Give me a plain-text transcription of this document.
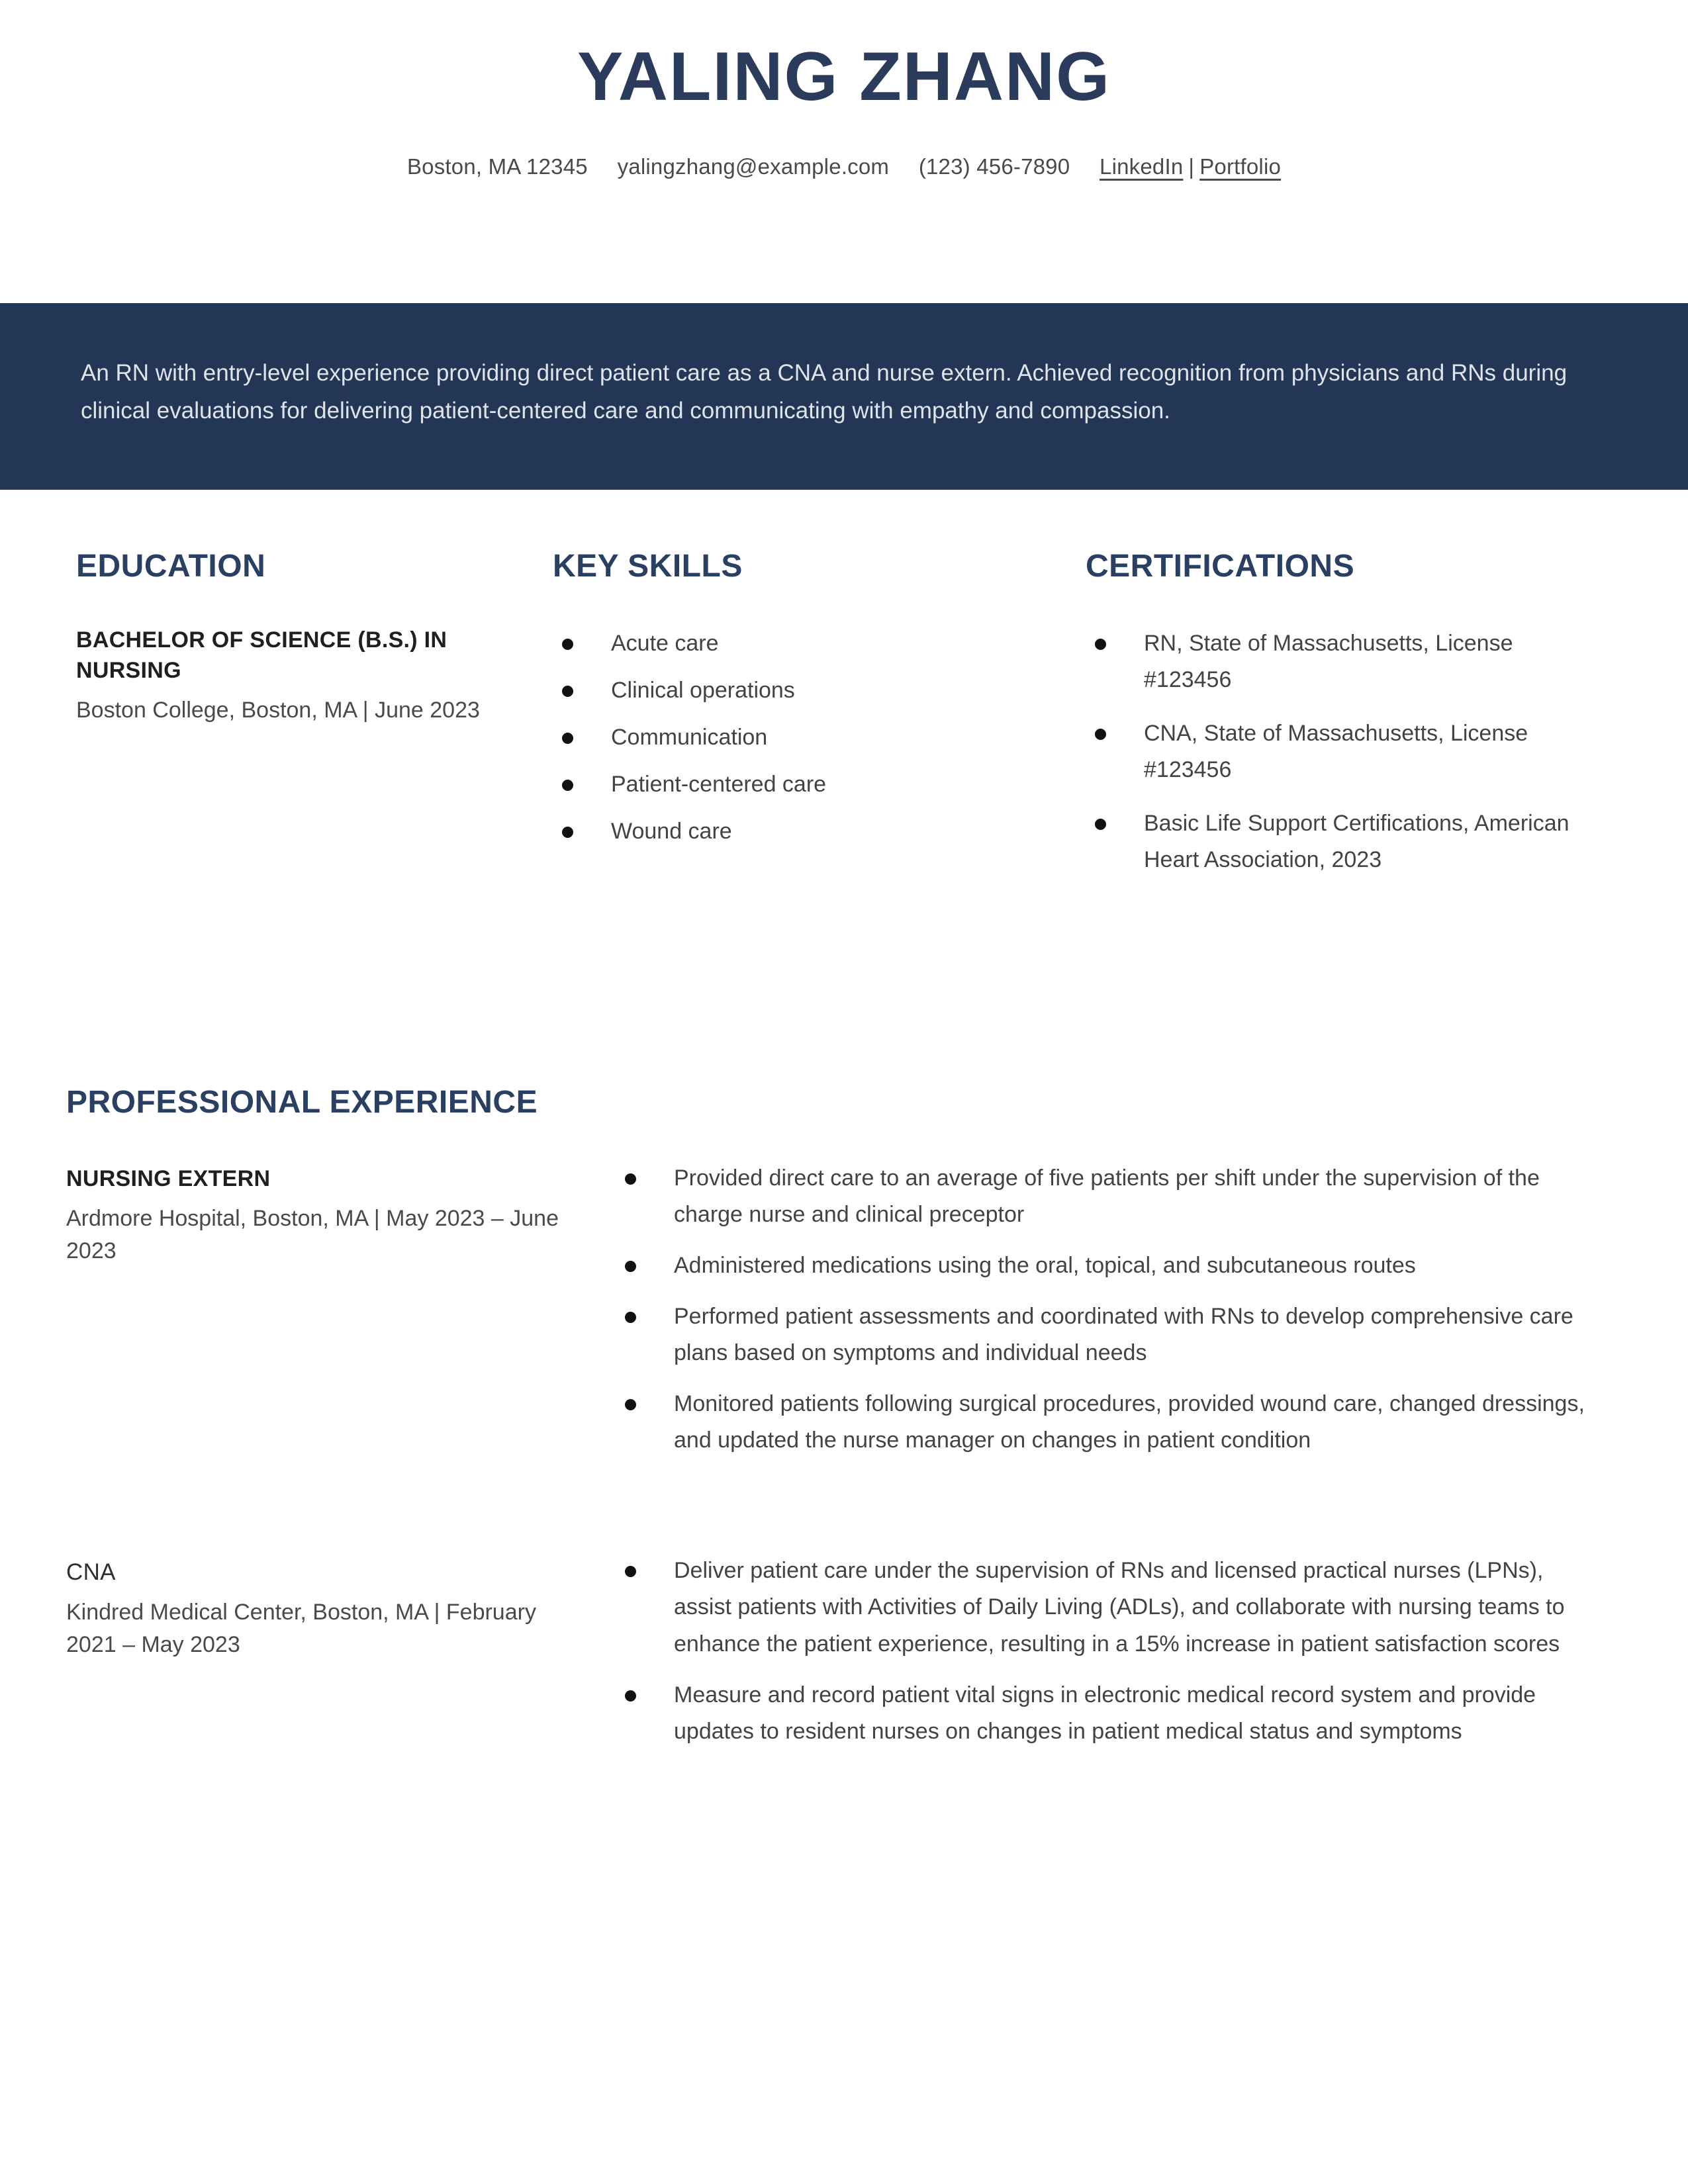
YALING ZHANG
Boston, MA 12345 yalingzhang@example.com (123) 456-7890 LinkedIn | Portfolio
An RN with entry-level experience providing direct patient care as a CNA and nurse extern. Achieved recognition from physicians and RNs during clinical evaluations for delivering patient-centered care and communicating with empathy and compassion.
EDUCATION
BACHELOR OF SCIENCE (B.S.) IN NURSING
Boston College, Boston, MA | June 2023
KEY SKILLS
Acute care
Clinical operations
Communication
Patient-centered care
Wound care
CERTIFICATIONS
RN, State of Massachusetts, License #123456
CNA, State of Massachusetts, License #123456
Basic Life Support Certifications, American Heart Association, 2023
PROFESSIONAL EXPERIENCE
NURSING EXTERN
Ardmore Hospital, Boston, MA | May 2023 – June 2023
Provided direct care to an average of five patients per shift under the supervision of the charge nurse and clinical preceptor
Administered medications using the oral, topical, and subcutaneous routes
Performed patient assessments and coordinated with RNs to develop comprehensive care plans based on symptoms and individual needs
Monitored patients following surgical procedures, provided wound care, changed dressings, and updated the nurse manager on changes in patient condition
CNA
Kindred Medical Center, Boston, MA | February 2021 – May 2023
Deliver patient care under the supervision of RNs and licensed practical nurses (LPNs), assist patients with Activities of Daily Living (ADLs), and collaborate with nursing teams to enhance the patient experience, resulting in a 15% increase in patient satisfaction scores
Measure and record patient vital signs in electronic medical record system and provide updates to resident nurses on changes in patient medical status and symptoms
